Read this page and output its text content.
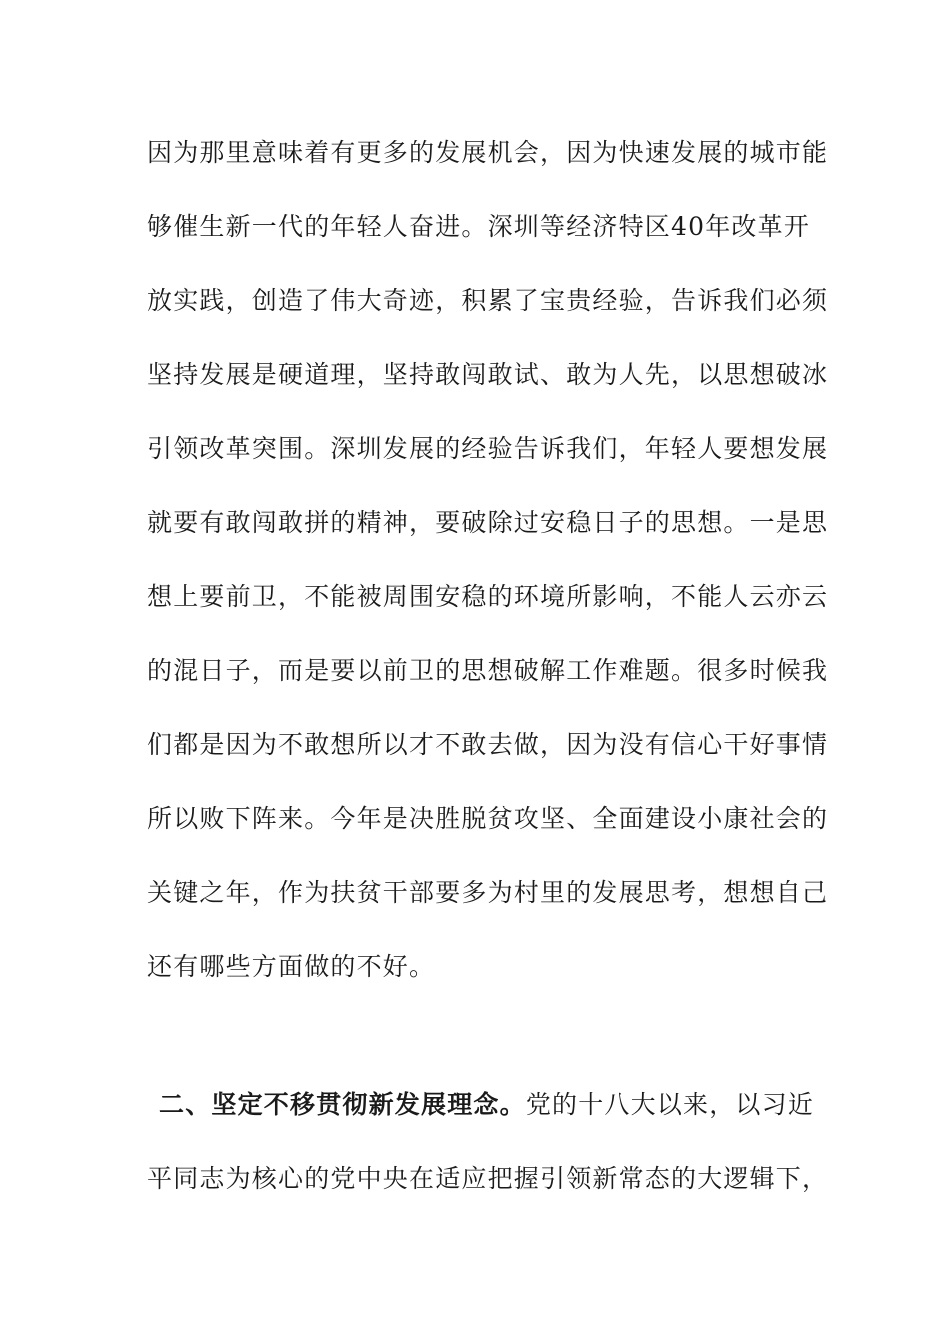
因为那里意味着有更多的发展机会，因为快速发展的城市能
够催生新一代的年轻人奋进。深圳等经济特区40年改革开
放实践，创造了伟大奇迹，积累了宝贵经验，告诉我们必须
坚持发展是硬道理，坚持敢闯敢试、敢为人先，以思想破冰
引领改革突围。深圳发展的经验告诉我们，年轻人要想发展
就要有敢闯敢拼的精神，要破除过安稳日子的思想。一是思
想上要前卫，不能被周围安稳的环境所影响，不能人云亦云
的混日子，而是要以前卫的思想破解工作难题。很多时候我
们都是因为不敢想所以才不敢去做，因为没有信心干好事情
所以败下阵来。今年是决胜脱贫攻坚、全面建设小康社会的
关键之年，作为扶贫干部要多为村里的发展思考，想想自己
还有哪些方面做的不好。
二、坚定不移贯彻新发展理念。党的十八大以来，以习近
平同志为核心的党中央在适应把握引领新常态的大逻辑下，
